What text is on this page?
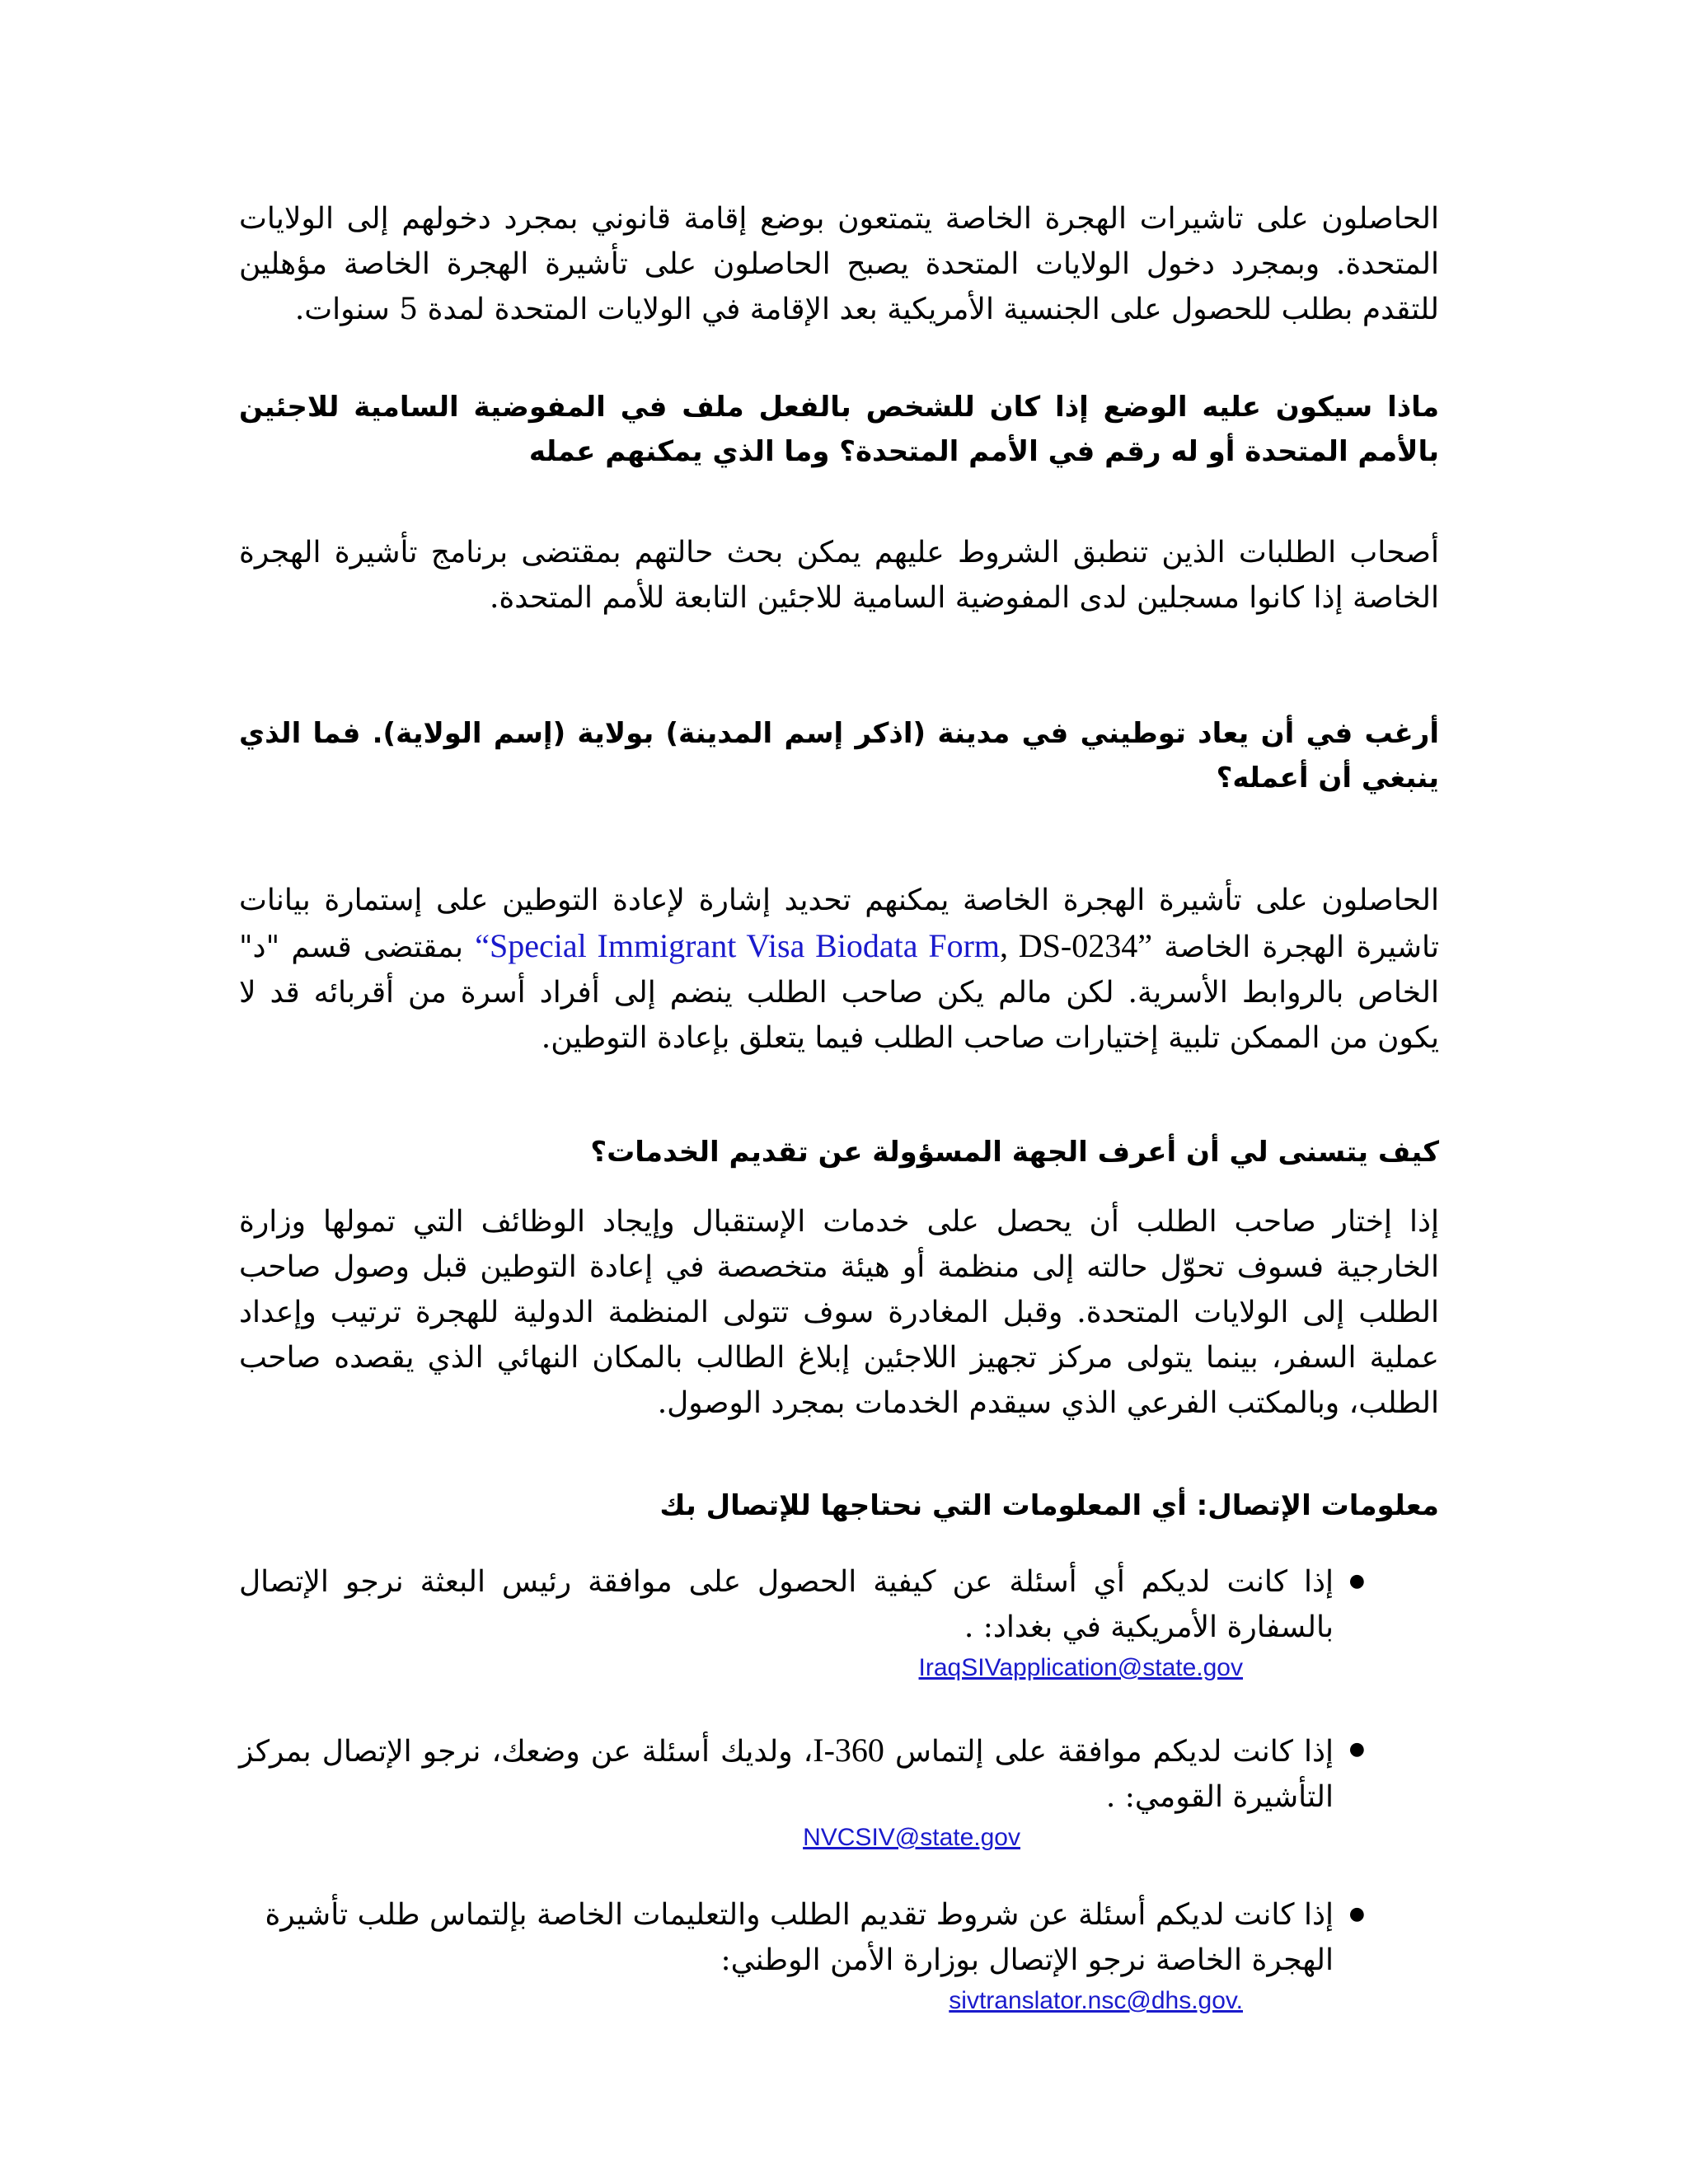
الحاصلون على تاشيرات الهجرة الخاصة يتمتعون بوضع إقامة قانوني بمجرد دخولهم إلى الولايات المتحدة. وبمجرد دخول الولايات المتحدة يصبح الحاصلون على تأشيرة الهجرة الخاصة مؤهلين للتقدم بطلب للحصول على الجنسية الأمريكية بعد الإقامة في الولايات المتحدة لمدة 5 سنوات.

ماذا سيكون عليه الوضع إذا كان للشخص بالفعل ملف في المفوضية السامية للاجئين بالأمم المتحدة أو له رقم في الأمم المتحدة؟ وما الذي يمكنهم عمله

أصحاب الطلبات الذين تنطبق الشروط عليهم يمكن بحث حالتهم بمقتضى برنامج تأشيرة الهجرة الخاصة إذا كانوا مسجلين لدى المفوضية السامية للاجئين التابعة للأمم المتحدة.

أرغب في أن يعاد توطيني في مدينة (اذكر إسم المدينة) بولاية (إسم الولاية). فما الذي ينبغي أن أعمله؟

الحاصلون على تأشيرة الهجرة الخاصة يمكنهم تحديد إشارة لإعادة التوطين على إستمارة بيانات تاشيرة الهجرة الخاصة “Special Immigrant Visa Biodata Form, DS-0234” بمقتضى قسم "د" الخاص بالروابط الأسرية. لكن مالم يكن صاحب الطلب ينضم إلى أفراد أسرة من أقربائه قد لا يكون من الممكن تلبية إختيارات صاحب الطلب فيما يتعلق بإعادة التوطين.

كيف يتسنى لي أن أعرف الجهة المسؤولة عن تقديم الخدمات؟

إذا إختار صاحب الطلب أن يحصل على خدمات الإستقبال وإيجاد الوظائف التي تمولها وزارة الخارجية فسوف تحوّل حالته إلى منظمة أو هيئة متخصصة في إعادة التوطين قبل وصول صاحب الطلب إلى الولايات المتحدة. وقبل المغادرة سوف تتولى المنظمة الدولية للهجرة ترتيب وإعداد عملية السفر، بينما يتولى مركز تجهيز اللاجئين إبلاغ الطالب بالمكان النهائي الذي يقصده صاحب الطلب، وبالمكتب الفرعي الذي سيقدم الخدمات بمجرد الوصول.

معلومات الإتصال: أي المعلومات التي نحتاجها للإتصال بك
●

إذا كانت لديكم أي أسئلة عن كيفية الحصول على موافقة رئيس البعثة نرجو الإتصال بالسفارة الأمريكية في بغداد: .

IraqSIVapplication@state.gov
●

إذا كانت لديكم موافقة على إلتماس I-360، ولديك أسئلة عن وضعك، نرجو الإتصال بمركز التأشيرة القومي: .

NVCSIV@state.gov
●

إذا كانت لديكم أسئلة عن شروط تقديم الطلب والتعليمات الخاصة بإلتماس طلب تأشيرة الهجرة الخاصة نرجو الإتصال بوزارة الأمن الوطني:

sivtranslator.nsc@dhs.gov.
